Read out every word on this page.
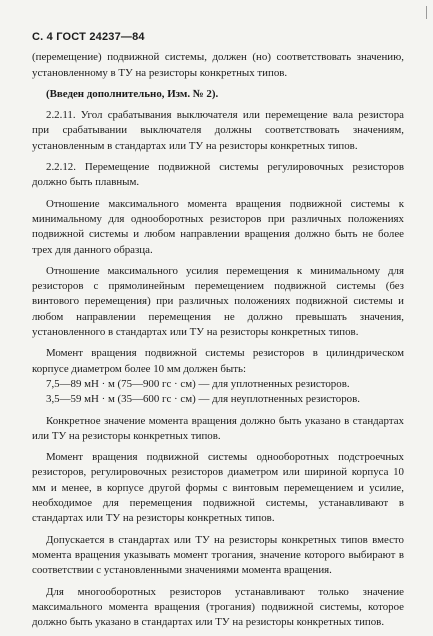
С. 4 ГОСТ 24237—84

(перемещение) подвижной системы, должен (но) соответствовать значению, установленному в ТУ на резисторы конкретных типов.

(Введен дополнительно, Изм. № 2).

2.2.11. Угол срабатывания выключателя или перемещение вала резистора при срабатывании выключателя должны соответствовать значениям, установленным в стандартах или ТУ на резисторы конкретных типов.

2.2.12. Перемещение подвижной системы регулировочных резисторов должно быть плавным.

Отношение максимального момента вращения подвижной системы к минимальному для однооборотных резисторов при различных положениях подвижной системы и любом направлении вращения должно быть не более трех для данного образца.

Отношение максимального усилия перемещения к минимальному для резисторов с прямолинейным перемещением подвижной системы (без винтового перемещения) при различных положениях подвижной системы и любом направлении перемещения не должно превышать значения, установленного в стандартах или ТУ на резисторы конкретных типов.

Момент вращения подвижной системы резисторов в цилиндрическом корпусе диаметром более 10 мм должен быть:

7,5—89 мН · м (75—900 гс · см) — для уплотненных резисторов.

3,5—59 мН · м (35—600 гс · см) — для неуплотненных резисторов.

Конкретное значение момента вращения должно быть указано в стандартах или ТУ на резисторы конкретных типов.

Момент вращения подвижной системы однооборотных подстроечных резисторов, регулировочных резисторов диаметром или шириной корпуса 10 мм и менее, в корпусе другой формы с винтовым перемещением и усилие, необходимое для перемещения подвижной системы, устанавливают в стандартах или ТУ на резисторы конкретных типов.

Допускается в стандартах или ТУ на резисторы конкретных типов вместо момента вращения указывать момент трогания, значение которого выбирают в соответствии с установленными значениями момента вращения.

Для многооборотных резисторов устанавливают только значение максимального момента вращения (трогания) подвижной системы, которое должно быть указано в стандартах или ТУ на резисторы конкретных типов.
